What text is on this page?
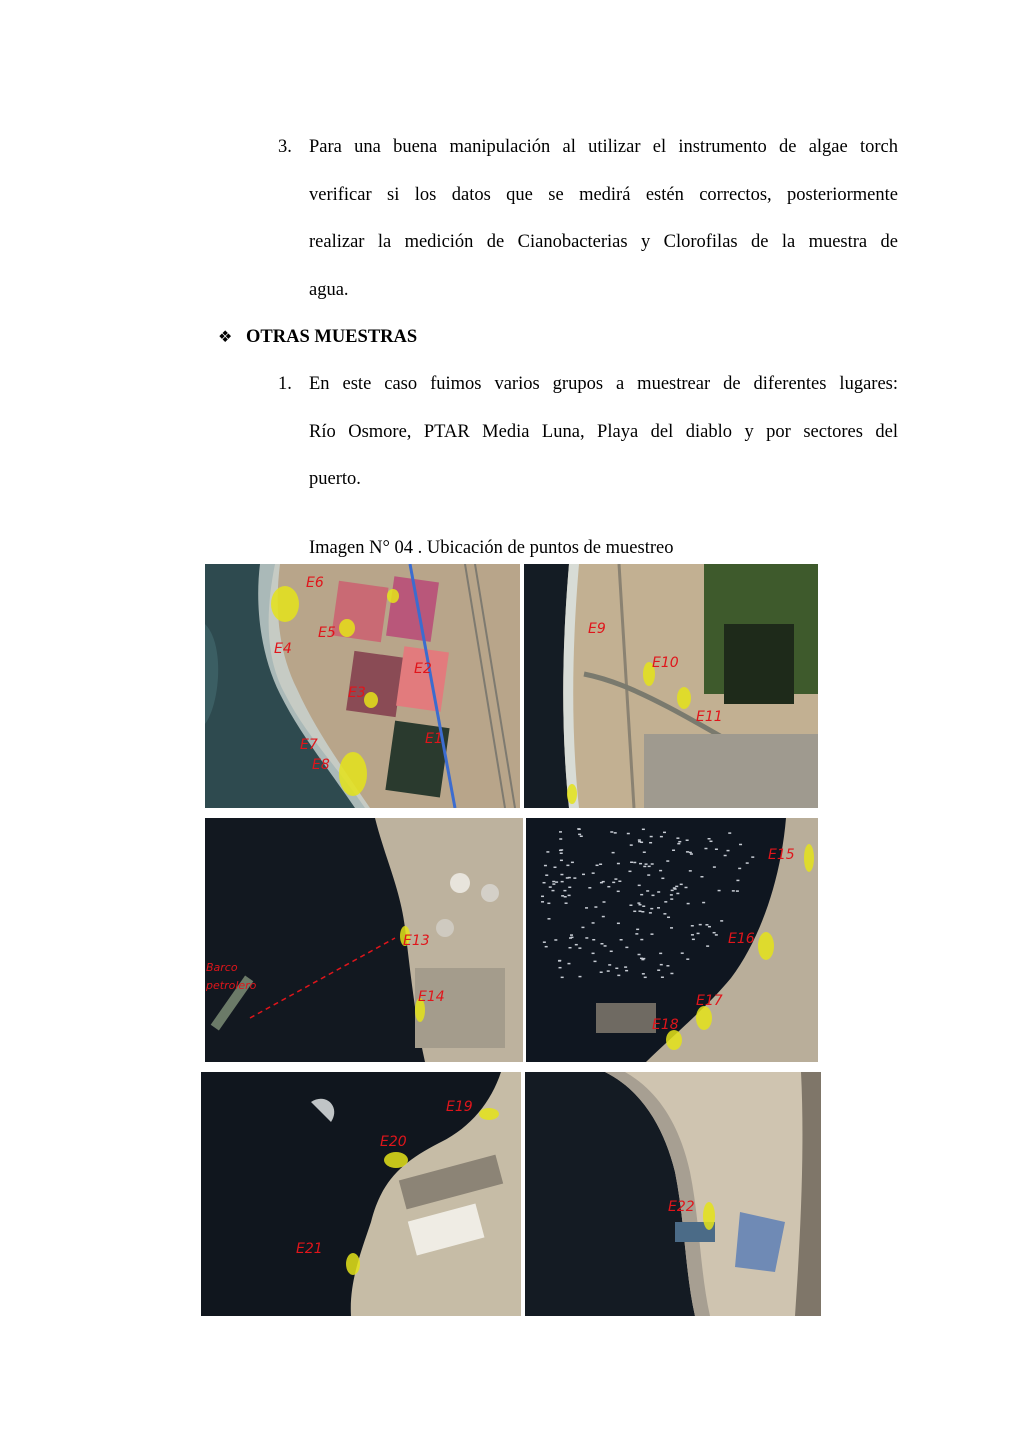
3. Para una buena manipulación al utilizar el instrumento de algae torch
verificar si los datos que se medirá estén correctos, posteriormente
realizar la medición de Cianobacterias y Clorofilas de la muestra de
agua.
❖ OTRAS MUESTRAS
1. En este caso fuimos varios grupos a muestrear de diferentes lugares:
Río Osmore, PTAR Media Luna, Playa del diablo y por sectores del
puerto.
Imagen N° 04 . Ubicación de puntos de muestreo
E6
E5
E3
E2
E1
E4
E7
E8
E9
E10
E11
E13
E14
Barco
petrolero
E15
E16
E17
E18
E19
E20
E21
E22
